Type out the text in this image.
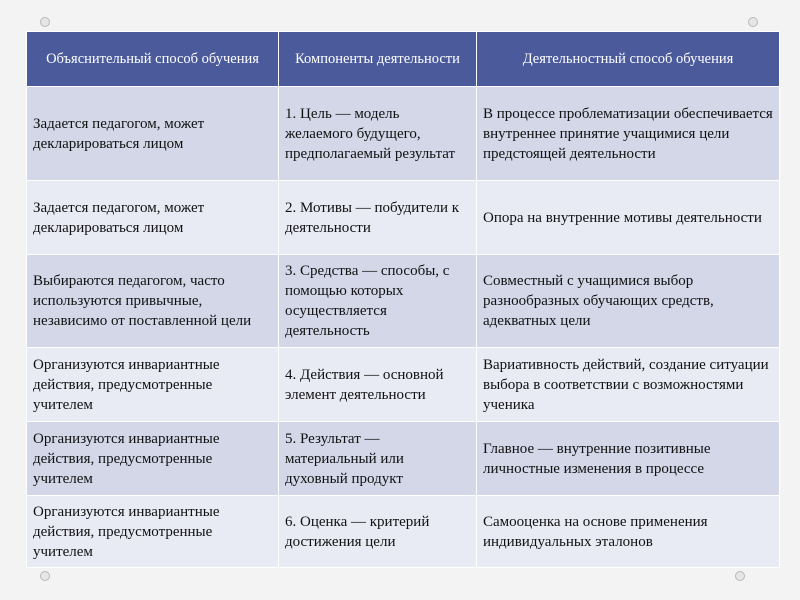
Объяснительный способ обучения	Компоненты деятельности	Деятельностный способ обучения
Задается педагогом, может декларироваться лицом	1. Цель — модель желаемого будущего, предполагаемый результат	В процессе проблематизации обеспечивается внутреннее принятие учащимися цели предстоящей деятельности
Задается педагогом, может декларироваться лицом	2. Мотивы — побудители к деятельности	Опора на внутренние мотивы деятельности
Выбираются педагогом, часто используются привычные, независимо от поставленной цели	3. Средства — способы, с помощью которых осуществляется деятельность	Совместный с учащимися выбор разнообразных обучающих средств, адекватных цели
Организуются инвариантные действия, предусмотренные учителем	4. Действия — основной элемент деятельности	Вариативность действий, создание ситуации выбора в соответствии с возможностями ученика
Организуются инвариантные действия, предусмотренные учителем	5. Результат — материальный или духовный продукт	Главное — внутренние позитивные личностные изменения в процессе
Организуются инвариантные действия, предусмотренные учителем	6. Оценка — критерий достижения цели	Самооценка на основе применения индивидуальных эталонов
